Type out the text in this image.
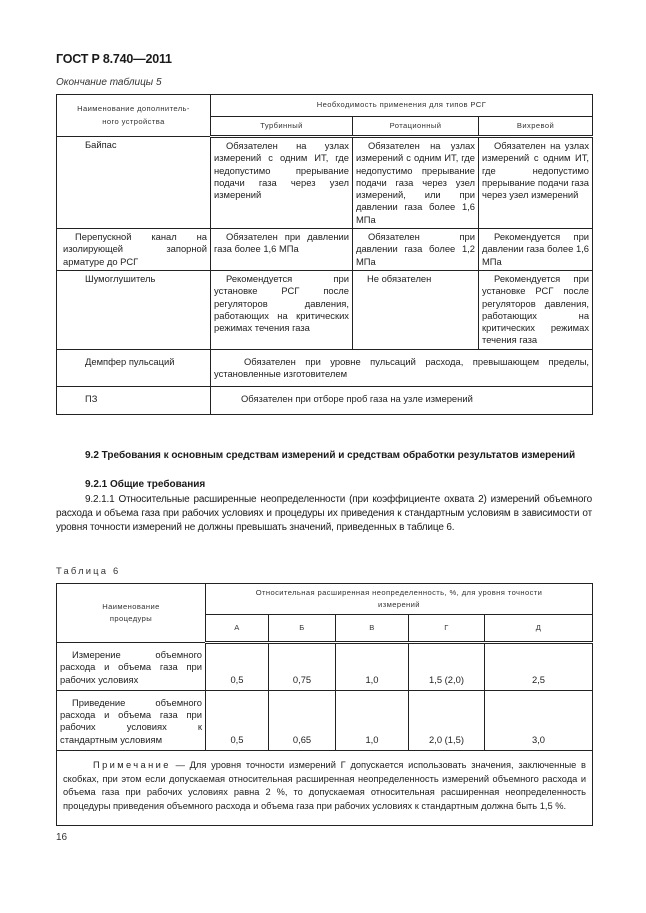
ГОСТ Р 8.740—2011
Окончание таблицы 5
Наименование дополнитель-ного устройства	Необходимость применения для типов РСГ		
	Турбинный	Ротационный	Вихревой
Байпас	Обязателен на узлах измерений с одним ИТ, где недопустимо прерывание подачи газа через узел измерений	Обязателен на узлах измерений с одним ИТ, где недопустимо прерывание подачи газа через узел измерений, или при давлении газа более 1,6 МПа	Обязателен на узлах измерений с одним ИТ, где недопустимо прерывание подачи газа через узел измерений
Перепускной канал на изолирующей запорной арматуре до РСГ	Обязателен при давлении газа более 1,6 МПа	Обязателен при давлении газа более 1,2 МПа	Рекомендуется при давлении газа более 1,6 МПа
Шумоглушитель	Рекомендуется при установке РСГ после регуляторов давления, работающих на критических режимах течения газа	Не обязателен	Рекомендуется при установке РСГ после регуляторов давления, работающих на критических режимах течения газа
Демпфер пульсаций	Обязателен при уровне пульсаций расхода, превышающем пределы, установленные изготовителем		
ПЗ	Обязателен при отборе проб газа на узле измерений		
9.2 Требования к основным средствам измерений и средствам обработки результатов измерений
9.2.1 Общие требования
9.2.1.1 Относительные расширенные неопределенности (при коэффициенте охвата 2) измерений объемного расхода и объема газа при рабочих условиях и процедуры их приведения к стандартным условиям в зависимости от уровня точности измерений не должны превышать значений, приведенных в таблице 6.
Таблица 6
Наименование процедуры	Относительная расширенная неопределенность, %, для уровня точности измерений				
	А	Б	В	Г	Д
Измерение объемного расхода и объема газа при рабочих условиях	0,5	0,75	1,0	1,5 (2,0)	2,5
Приведение объемного расхода и объема газа при рабочих условиях к стандартным условиям	0,5	0,65	1,0	2,0 (1,5)	3,0
Примечание — Для уровня точности измерений Г допускается использовать значения, заключенные в скобках, при этом если допускаемая относительная расширенная неопределенность измерений объемного расхода и объема газа при рабочих условиях равна 2 %, то допускаемая относительная расширенная неопределенность процедуры приведения объемного расхода и объема газа при рабочих условиях к стандартным должна быть 1,5 %.					
16
